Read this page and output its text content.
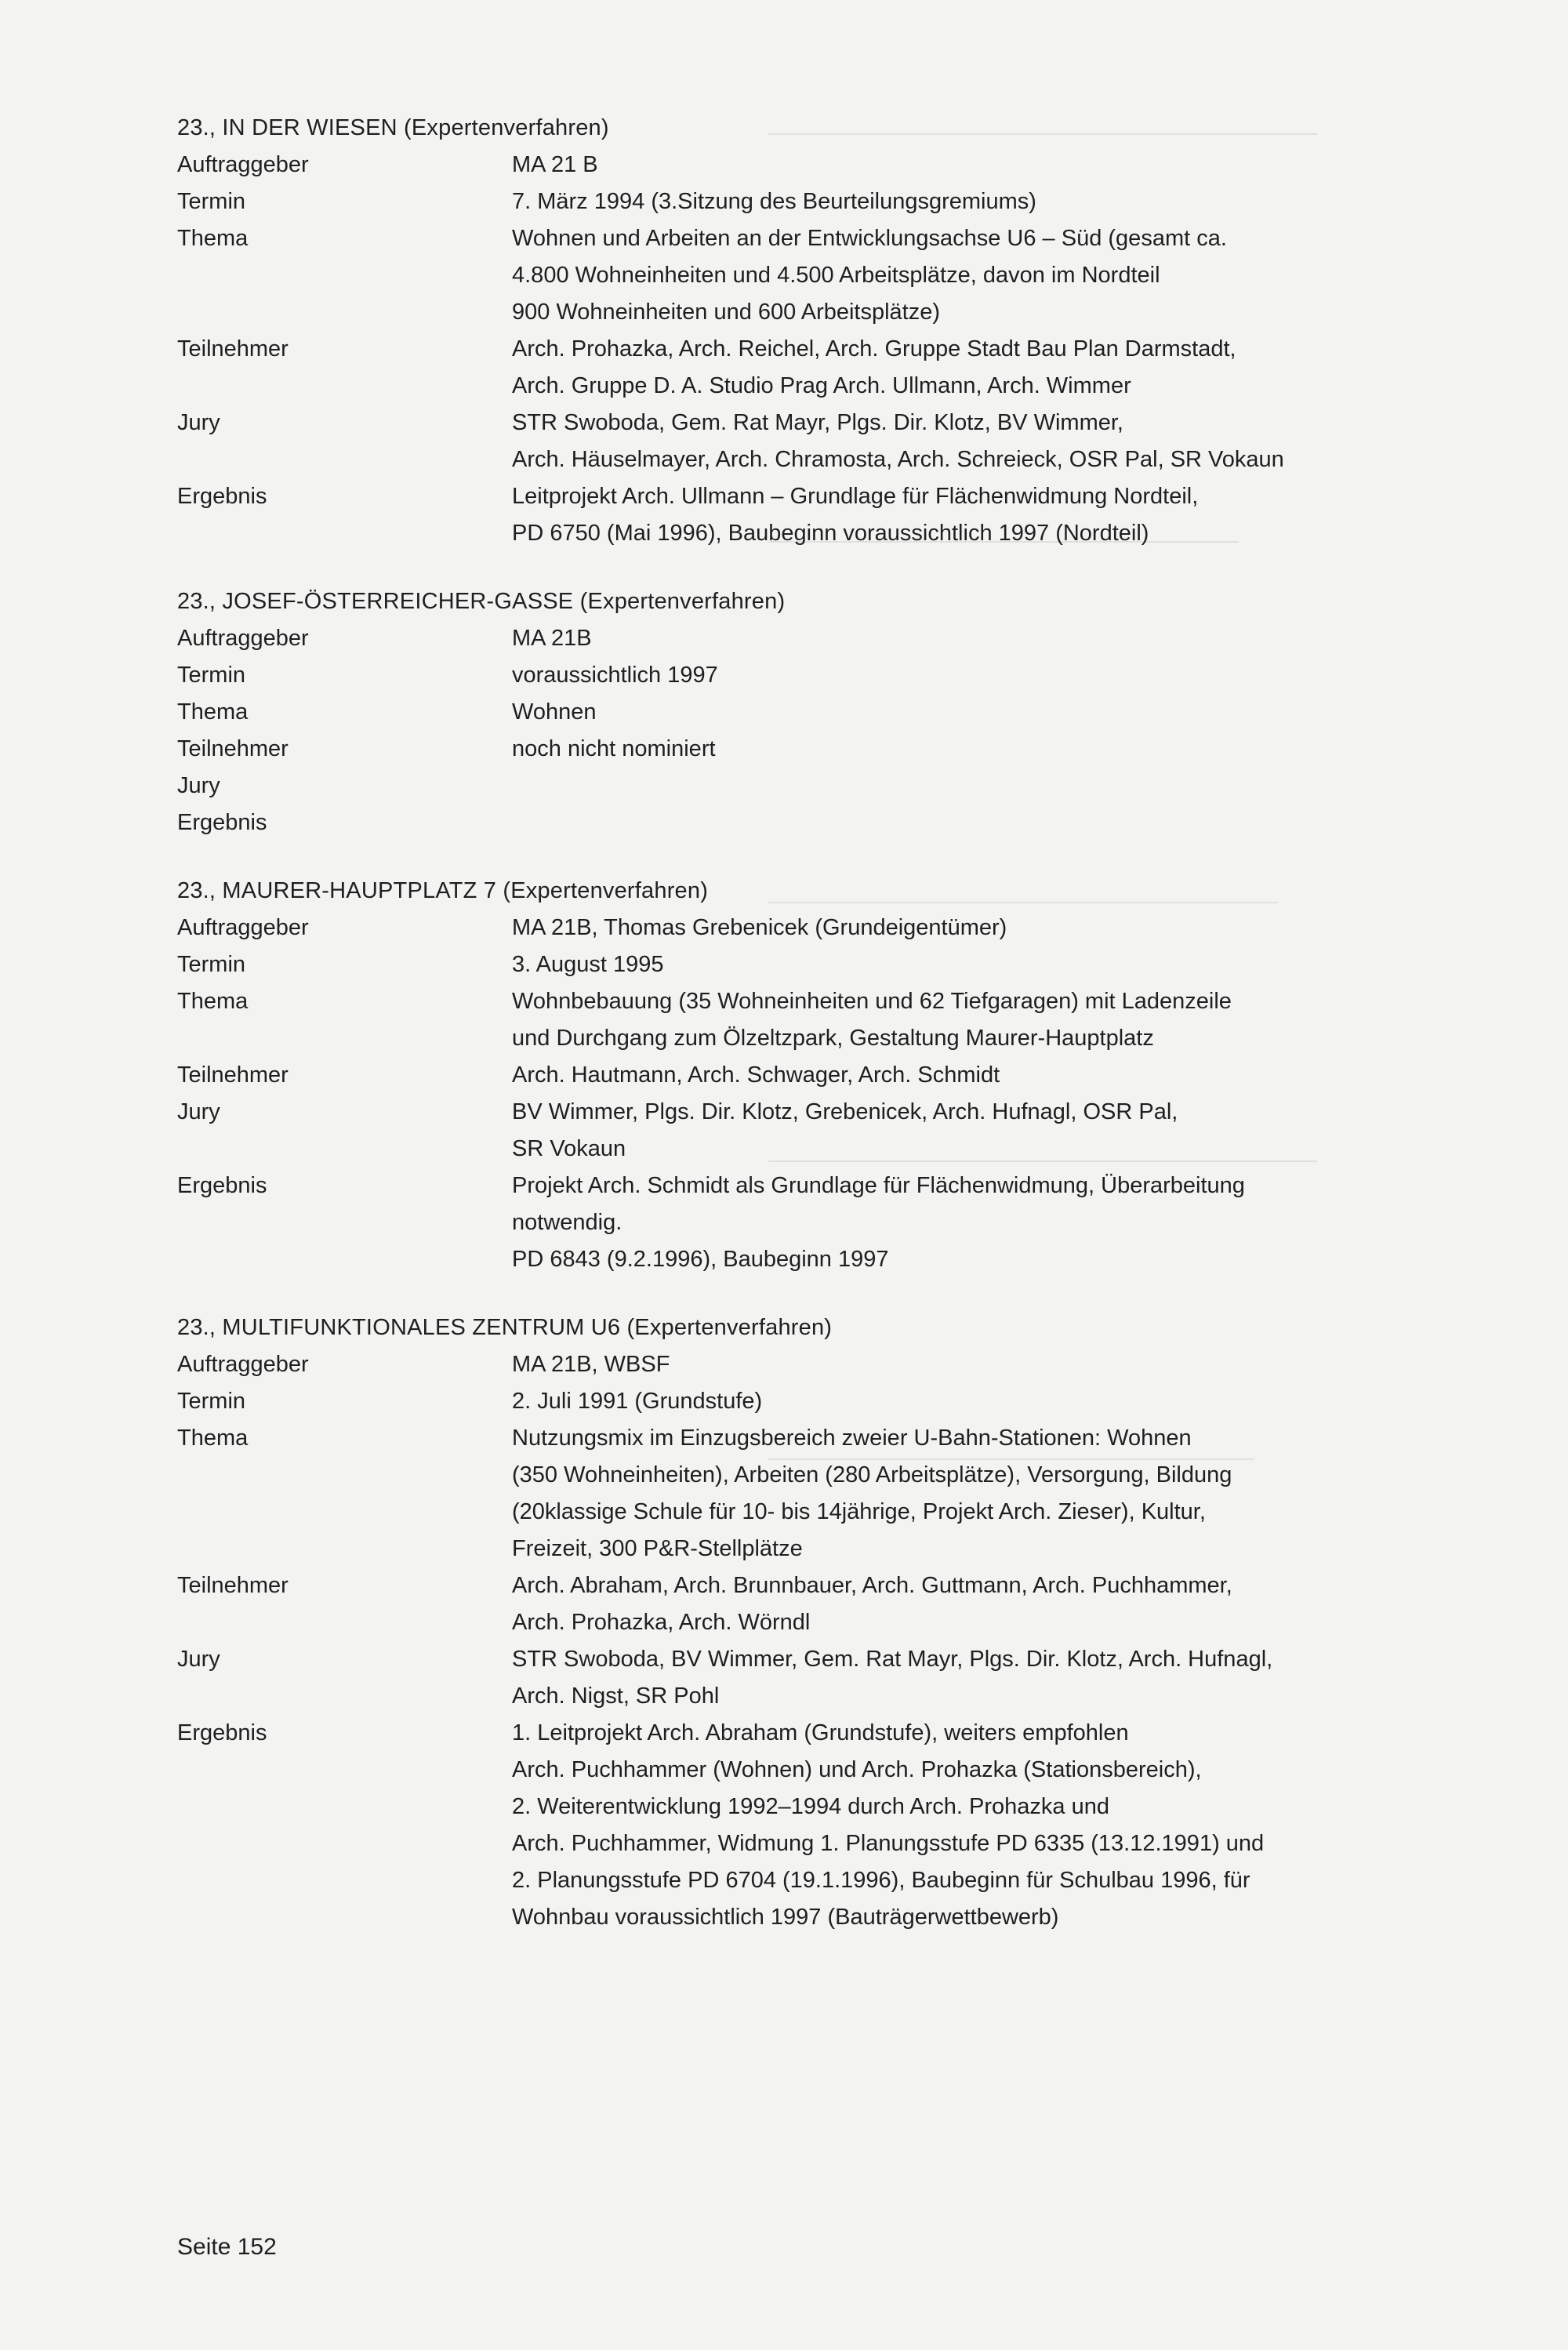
23., IN DER WIESEN (Expertenverfahren)
Auftraggeber	MA 21 B
Termin	7. März 1994 (3.Sitzung des Beurteilungsgremiums)
Thema	Wohnen und Arbeiten an der Entwicklungsachse U6 – Süd (gesamt ca.
4.800 Wohneinheiten und 4.500 Arbeitsplätze, davon im Nordteil
900 Wohneinheiten und 600 Arbeitsplätze)
Teilnehmer	Arch. Prohazka, Arch. Reichel, Arch. Gruppe Stadt Bau Plan Darmstadt,
Arch. Gruppe D. A. Studio Prag Arch. Ullmann, Arch. Wimmer
Jury	STR Swoboda, Gem. Rat Mayr, Plgs. Dir. Klotz, BV Wimmer,
Arch. Häuselmayer, Arch. Chramosta, Arch. Schreieck, OSR Pal, SR Vokaun
Ergebnis	Leitprojekt Arch. Ullmann – Grundlage für Flächenwidmung Nordteil,
PD 6750 (Mai 1996), Baubeginn voraussichtlich 1997 (Nordteil)
23., JOSEF-ÖSTERREICHER-GASSE (Expertenverfahren)
Auftraggeber	MA 21B
Termin	voraussichtlich 1997
Thema	Wohnen
Teilnehmer	noch nicht nominiert
Jury
Ergebnis
23., MAURER-HAUPTPLATZ 7 (Expertenverfahren)
Auftraggeber	MA 21B, Thomas Grebenicek (Grundeigentümer)
Termin	3. August 1995
Thema	Wohnbebauung (35 Wohneinheiten und 62 Tiefgaragen) mit Ladenzeile
und Durchgang zum Ölzeltzpark, Gestaltung Maurer-Hauptplatz
Teilnehmer	Arch. Hautmann, Arch. Schwager, Arch. Schmidt
Jury	BV Wimmer, Plgs. Dir. Klotz, Grebenicek, Arch. Hufnagl, OSR Pal,
SR Vokaun
Ergebnis	Projekt Arch. Schmidt als Grundlage für Flächenwidmung, Überarbeitung
notwendig.
PD 6843 (9.2.1996), Baubeginn 1997
23., MULTIFUNKTIONALES ZENTRUM U6 (Expertenverfahren)
Auftraggeber	MA 21B, WBSF
Termin	2. Juli 1991 (Grundstufe)
Thema	Nutzungsmix im Einzugsbereich zweier U-Bahn-Stationen: Wohnen
(350 Wohneinheiten), Arbeiten (280 Arbeitsplätze), Versorgung, Bildung
(20klassige Schule für 10- bis 14jährige, Projekt Arch. Zieser), Kultur,
Freizeit, 300 P&R-Stellplätze
Teilnehmer	Arch. Abraham, Arch. Brunnbauer, Arch. Guttmann, Arch. Puchhammer,
Arch. Prohazka, Arch. Wörndl
Jury	STR Swoboda, BV Wimmer, Gem. Rat Mayr, Plgs. Dir. Klotz, Arch. Hufnagl,
Arch. Nigst, SR Pohl
Ergebnis	1. Leitprojekt Arch. Abraham (Grundstufe), weiters empfohlen
Arch. Puchhammer (Wohnen) und Arch. Prohazka (Stationsbereich),
2. Weiterentwicklung 1992–1994 durch Arch. Prohazka und
Arch. Puchhammer, Widmung 1. Planungsstufe PD 6335 (13.12.1991) und
2. Planungsstufe PD 6704 (19.1.1996), Baubeginn für Schulbau 1996, für
Wohnbau voraussichtlich 1997 (Bauträgerwettbewerb)
Seite 152
